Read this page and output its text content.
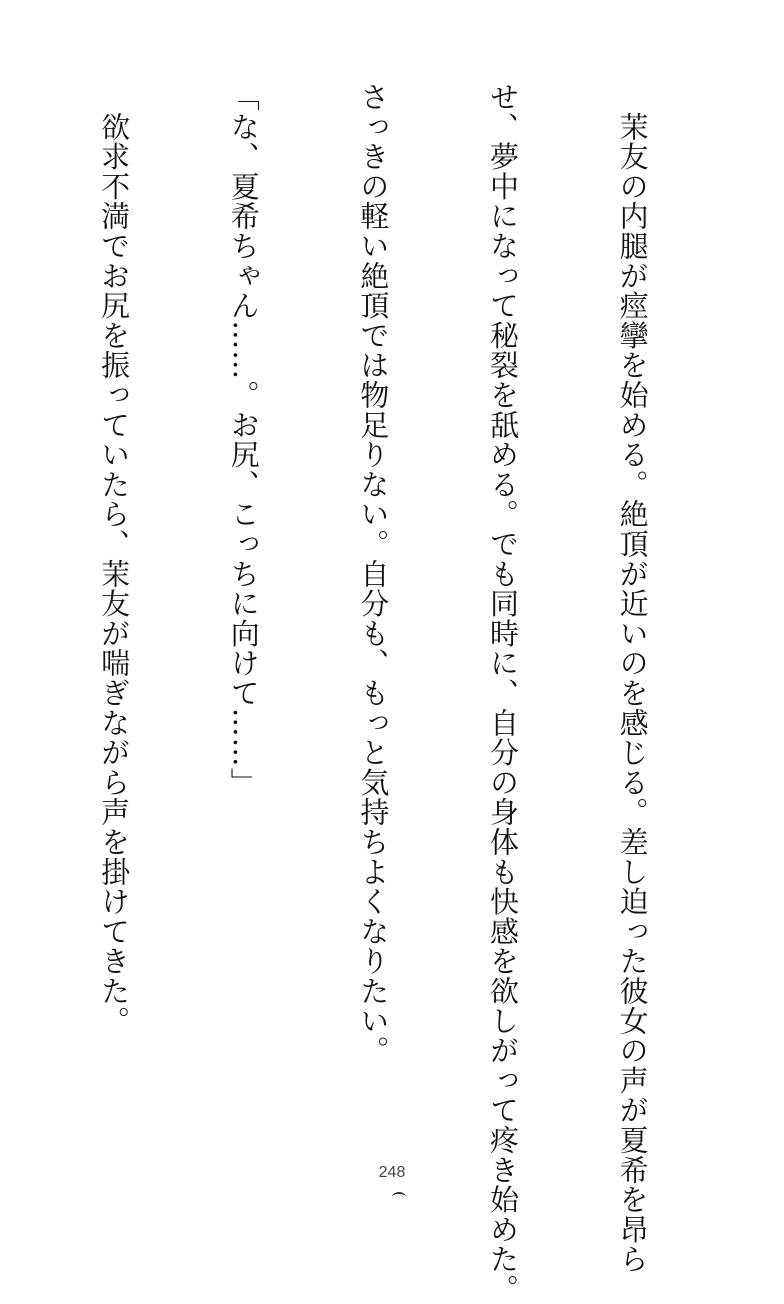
　茉友の内腿が痙攣を始める。絶頂が近いのを感じる。差し迫った彼女の声が夏希を昂ら

せ、夢中になって秘裂を舐める。でも同時に、自分の身体も快感を欲しがって疼き始めた。

さっきの軽い絶頂では物足りない。自分も、もっと気持ちよくなりたい。

「な、夏希ちゃん……。お尻、こっちに向けて……」

　欲求不満でお尻を振っていたら、茉友が喘ぎながら声を掛けてきた。

248
